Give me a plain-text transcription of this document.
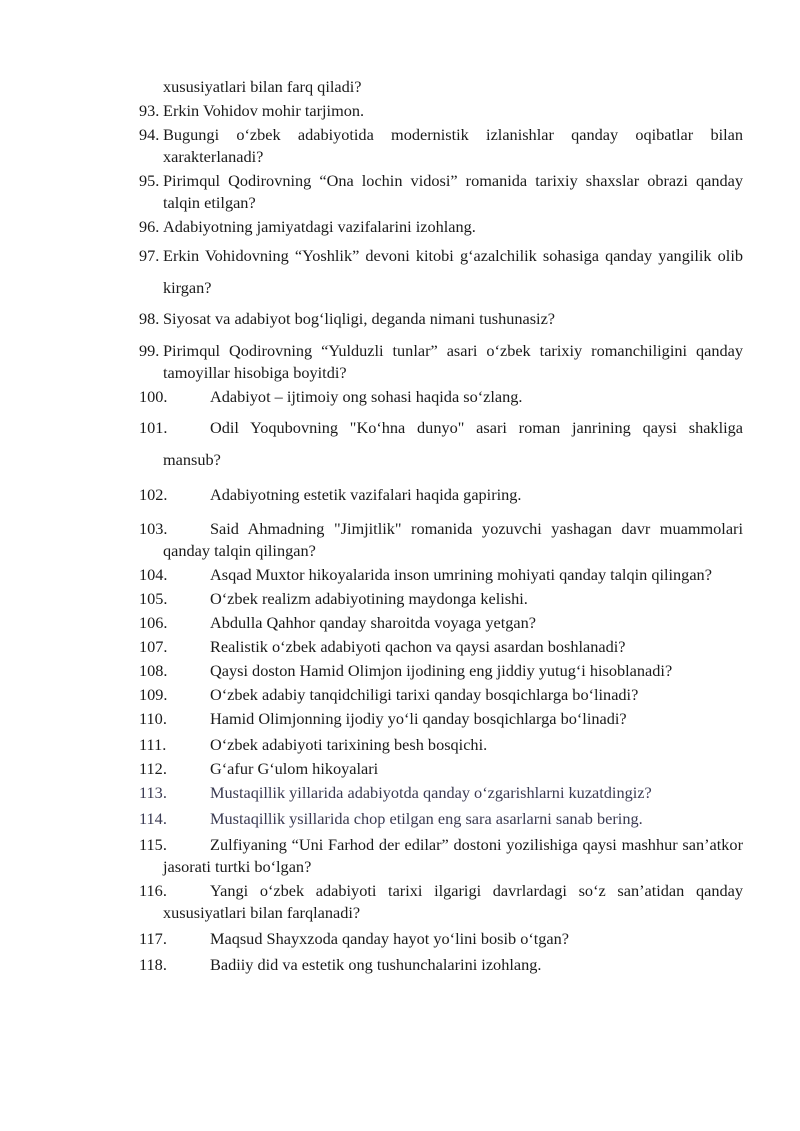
xususiyatlari bilan farq qiladi?
93. Erkin Vohidov mohir tarjimon.
94. Bugungi o‘zbek adabiyotida modernistik izlanishlar qanday oqibatlar bilan xarakterlanadi?
95. Pirimqul Qodirovning “Ona lochin vidosi” romanida tarixiy shaxslar obrazi qanday talqin etilgan?
96. Adabiyotning jamiyatdagi vazifalarini izohlang.
97. Erkin Vohidovning “Yoshlik” devoni kitobi g‘azalchilik sohasiga qanday yangilik olib kirgan?
98. Siyosat va adabiyot bog‘liqligi, deganda nimani tushunasiz?
99. Pirimqul Qodirovning “Yulduzli tunlar” asari o‘zbek tarixiy romanchiligini qanday tamoyillar hisobiga boyitdi?
100.	Adabiyot – ijtimoiy ong sohasi haqida so‘zlang.
101.	Odil Yoqubovning "Ko‘hna dunyo" asari roman janrining qaysi shakliga mansub?
102.	Adabiyotning estetik vazifalari haqida gapiring.
103.	Said Ahmadning "Jimjitlik" romanida yozuvchi yashagan davr muammolari qanday talqin qilingan?
104.	Asqad Muxtor hikoyalarida inson umrining mohiyati qanday talqin qilingan?
105.	O‘zbek realizm adabiyotining maydonga kelishi.
106.	Abdulla Qahhor qanday sharoitda voyaga yetgan?
107.	Realistik o‘zbek adabiyoti qachon va qaysi asardan boshlanadi?
108.	Qaysi doston Hamid Olimjon ijodining eng jiddiy yutug‘i hisoblanadi?
109.	O‘zbek adabiy tanqidchiligi tarixi qanday bosqichlarga bo‘linadi?
110.	Hamid Olimjonning ijodiy yo‘li qanday bosqichlarga bo‘linadi?
111.	O‘zbek adabiyoti tarixining besh bosqichi.
112.	G‘afur G‘ulom hikoyalari
113.	Mustaqillik yillarida adabiyotda qanday o‘zgarishlarni kuzatdingiz?
114.	Mustaqillik ysillarida chop etilgan eng sara asarlarni sanab bering.
115.	Zulfiyaning “Uni Farhod der edilar” dostoni yozilishiga qaysi mashhur san’atkor jasorati turtki bo‘lgan?
116.	Yangi o‘zbek adabiyoti tarixi ilgarigi davrlardagi so‘z san’atidan qanday xususiyatlari bilan farqlanadi?
117.	Maqsud Shayxzoda qanday hayot yo‘lini bosib o‘tgan?
118.	Badiiy did va estetik ong tushunchalarini izohlang.
